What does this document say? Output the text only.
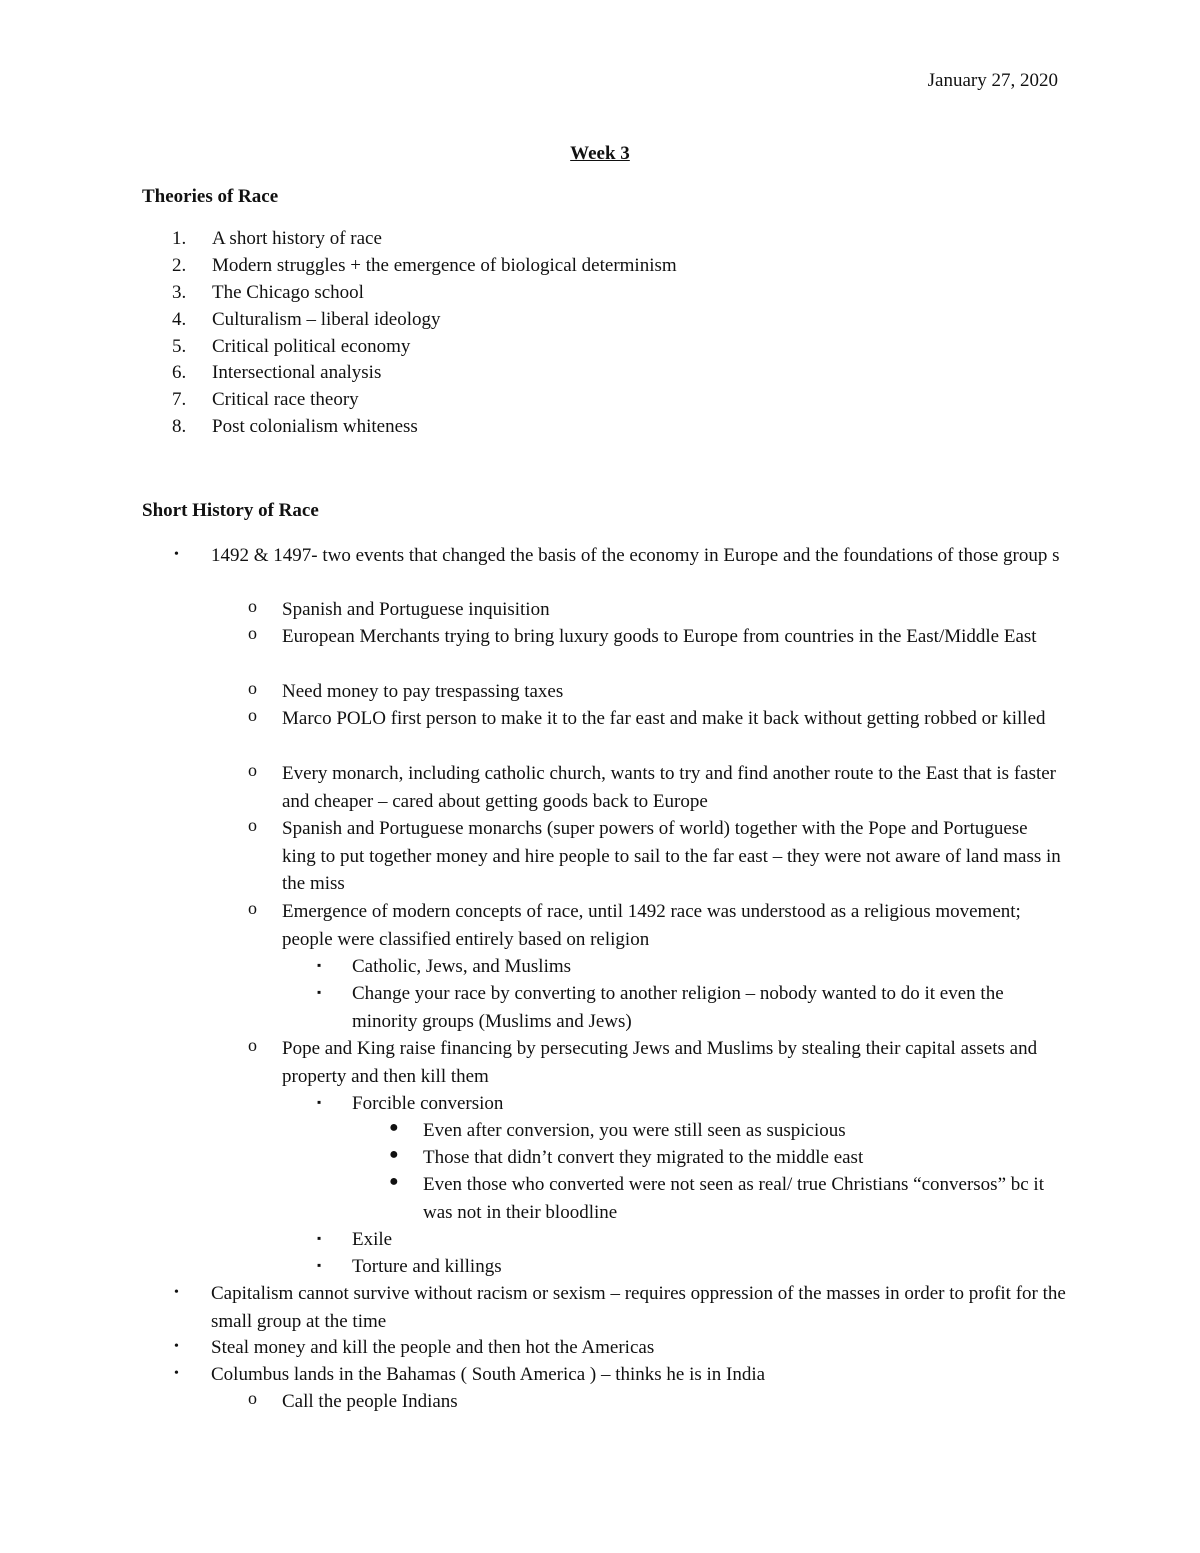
January 27, 2020
Week 3
Theories of Race
1. A short history of race
2. Modern struggles + the emergence of biological determinism
3. The Chicago school
4. Culturalism – liberal ideology
5. Critical political economy
6. Intersectional analysis
7. Critical race theory
8. Post colonialism whiteness
Short History of Race
• 1492 & 1497- two events that changed the basis of the economy in Europe and the foundations of those group s
o Spanish and Portuguese inquisition
o European Merchants trying to bring luxury goods to Europe from countries in the East/Middle East
o Need money to pay trespassing taxes
o Marco POLO first person to make it to the far east and make it back without getting robbed or killed
o Every monarch, including catholic church, wants to try and find another route to the East that is faster and cheaper – cared about getting goods back to Europe
o Spanish and Portuguese monarchs (super powers of world) together with the Pope and Portuguese king to put together money and hire people to sail to the far east – they were not aware of land mass in the miss
o Emergence of modern concepts of race, until 1492 race was understood as a religious movement; people were classified entirely based on religion
▪ Catholic, Jews, and Muslims
▪ Change your race by converting to another religion – nobody wanted to do it even the minority groups (Muslims and Jews)
o Pope and King raise financing by persecuting Jews and Muslims by stealing their capital assets and property and then kill them
▪ Forcible conversion
● Even after conversion, you were still seen as suspicious
● Those that didn’t convert they migrated to the middle east
● Even those who converted were not seen as real/ true Christians “conversos” bc it was not in their bloodline
▪ Exile
▪ Torture and killings
• Capitalism cannot survive without racism or sexism – requires oppression of the masses in order to profit for the small group at the time
• Steal money and kill the people and then hot the Americas
• Columbus lands in the Bahamas ( South America ) – thinks he is in India
o Call the people Indians
